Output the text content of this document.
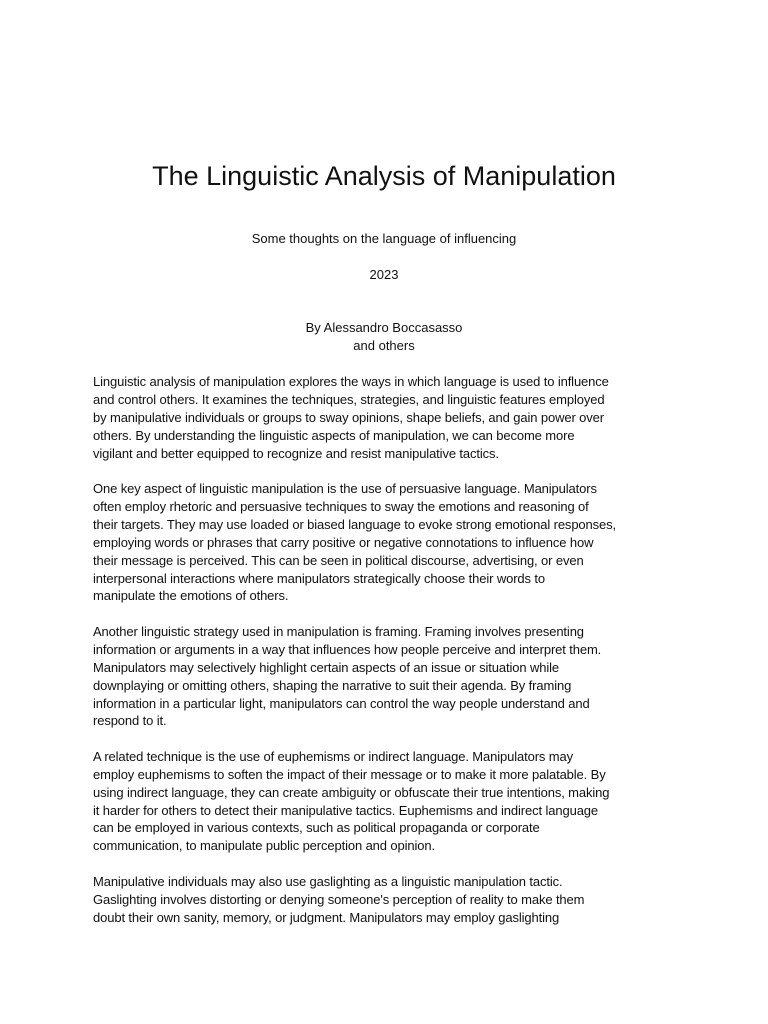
The Linguistic Analysis of Manipulation

Some thoughts on the language of influencing

2023

By Alessandro Boccasasso

and others

Linguistic analysis of manipulation explores the ways in which language is used to influence
and control others. It examines the techniques, strategies, and linguistic features employed
by manipulative individuals or groups to sway opinions, shape beliefs, and gain power over
others. By understanding the linguistic aspects of manipulation, we can become more
vigilant and better equipped to recognize and resist manipulative tactics.

One key aspect of linguistic manipulation is the use of persuasive language. Manipulators
often employ rhetoric and persuasive techniques to sway the emotions and reasoning of
their targets. They may use loaded or biased language to evoke strong emotional responses,
employing words or phrases that carry positive or negative connotations to influence how
their message is perceived. This can be seen in political discourse, advertising, or even
interpersonal interactions where manipulators strategically choose their words to
manipulate the emotions of others.

Another linguistic strategy used in manipulation is framing. Framing involves presenting
information or arguments in a way that influences how people perceive and interpret them.
Manipulators may selectively highlight certain aspects of an issue or situation while
downplaying or omitting others, shaping the narrative to suit their agenda. By framing
information in a particular light, manipulators can control the way people understand and
respond to it.

A related technique is the use of euphemisms or indirect language. Manipulators may
employ euphemisms to soften the impact of their message or to make it more palatable. By
using indirect language, they can create ambiguity or obfuscate their true intentions, making
it harder for others to detect their manipulative tactics. Euphemisms and indirect language
can be employed in various contexts, such as political propaganda or corporate
communication, to manipulate public perception and opinion.

Manipulative individuals may also use gaslighting as a linguistic manipulation tactic.
Gaslighting involves distorting or denying someone's perception of reality to make them
doubt their own sanity, memory, or judgment. Manipulators may employ gaslighting
